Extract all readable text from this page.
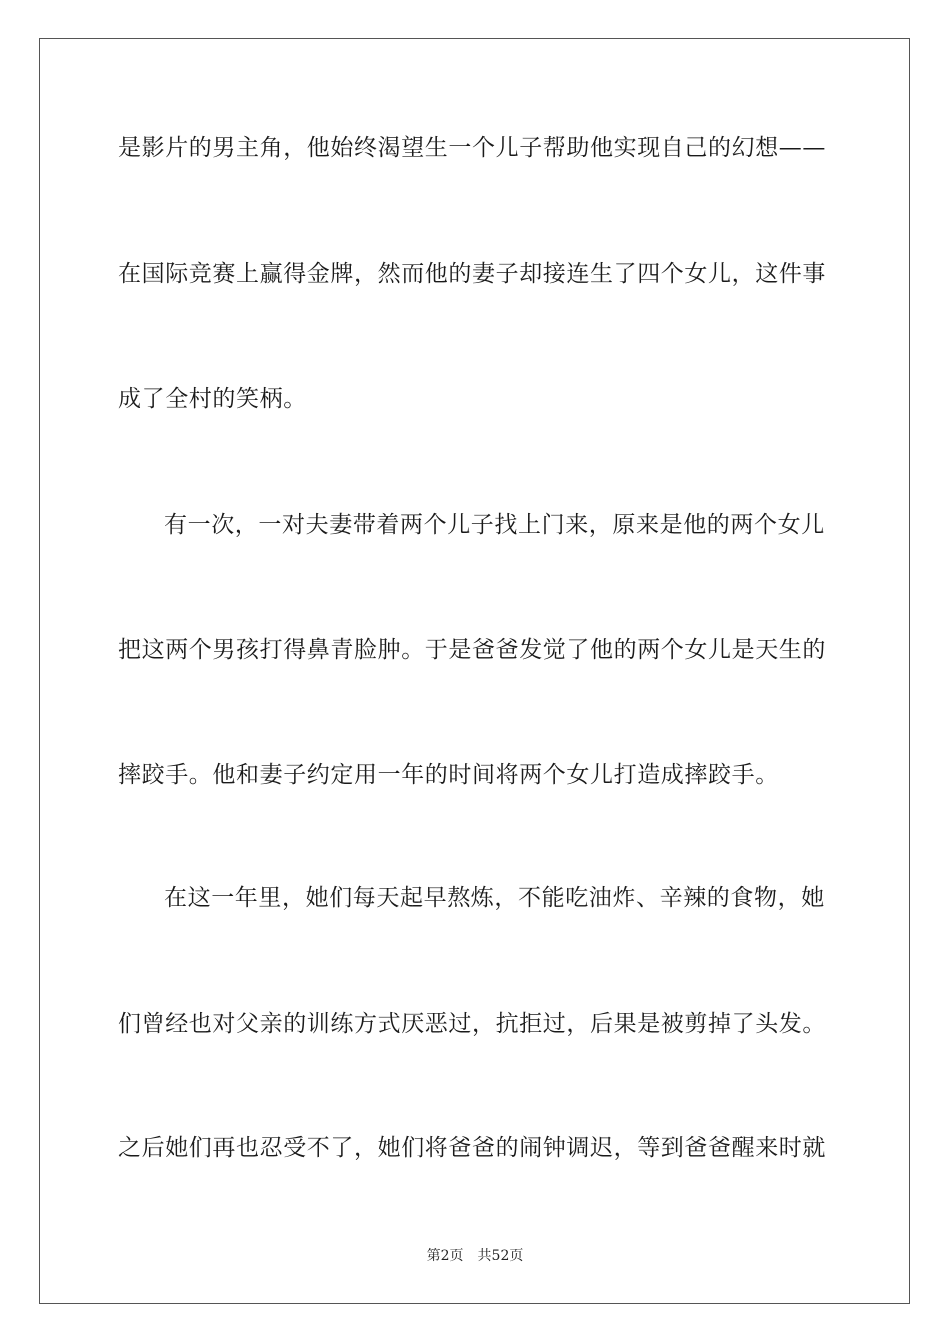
是影片的男主角，他始终渴望生一个儿子帮助他实现自己的幻想——
在国际竞赛上赢得金牌，然而他的妻子却接连生了四个女儿，这件事
成了全村的笑柄。
有一次，一对夫妻带着两个儿子找上门来，原来是他的两个女儿
把这两个男孩打得鼻青脸肿。于是爸爸发觉了他的两个女儿是天生的
摔跤手。他和妻子约定用一年的时间将两个女儿打造成摔跤手。
在这一年里，她们每天起早熬炼，不能吃油炸、辛辣的食物，她
们曾经也对父亲的训练方式厌恶过，抗拒过，后果是被剪掉了头发。
之后她们再也忍受不了，她们将爸爸的闹钟调迟，等到爸爸醒来时就
第2页 共52页
